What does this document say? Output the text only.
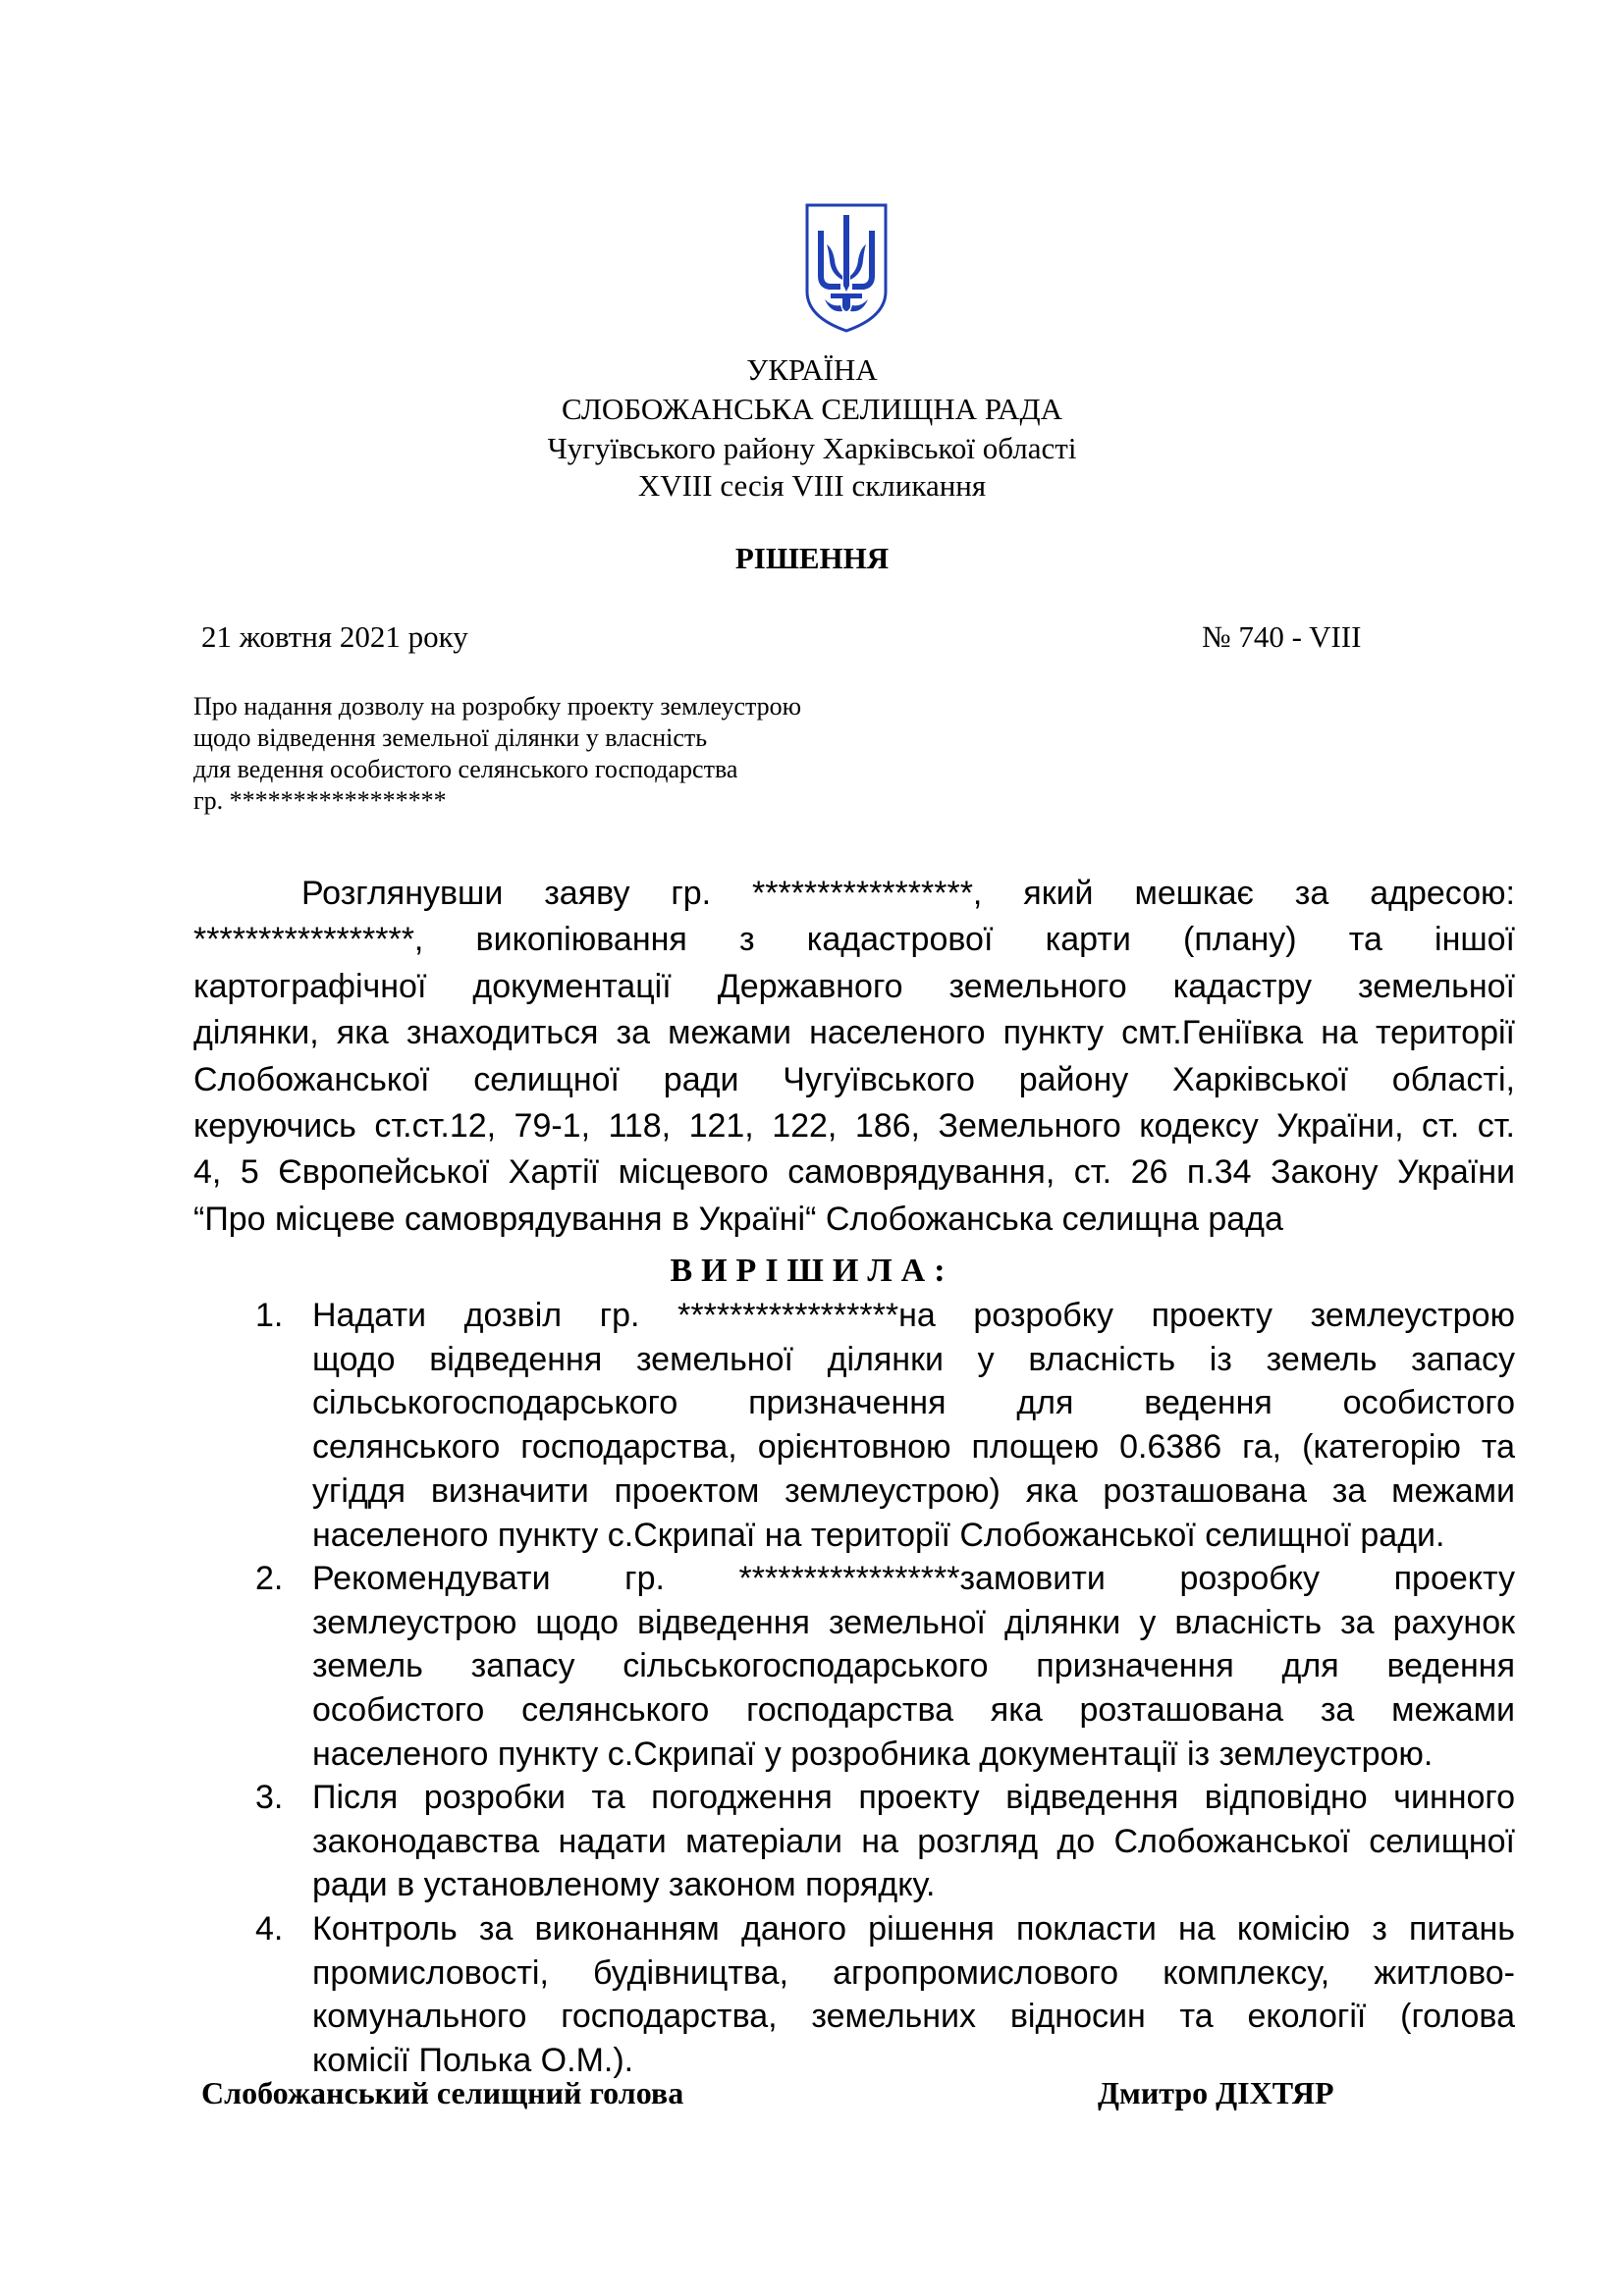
УКРАЇНА
СЛОБОЖАНСЬКА СЕЛИЩНА РАДА
Чугуївського району Харківської області
XVIII сесія VIII скликання
РІШЕННЯ
21 жовтня 2021 року	№ 740 - VIII
Про надання дозволу на розробку проекту землеустрою
щодо відведення земельної ділянки у власність
для ведення особистого селянського господарства
гр. *****************
Розглянувши заяву гр. *****************, який мешкає за адресою:
*****************, викопіювання з кадастрової карти (плану) та іншої
картографічної документації Державного земельного кадастру земельної
ділянки, яка знаходиться за межами населеного пункту смт.Геніївка на території
Слобожанської селищної ради Чугуївського району Харківської області,
керуючись ст.ст.12, 79-1, 118, 121, 122, 186, Земельного кодексу України, ст. ст.
4, 5 Європейської Хартії місцевого самоврядування, ст. 26 п.34 Закону України
“Про місцеве самоврядування в Україні“ Слобожанська селищна рада
ВИРІШИЛА:
1. Надати дозвіл гр. *****************на розробку проекту землеустрою
щодо відведення земельної ділянки у власність із земель запасу
сільськогосподарського призначення для ведення особистого
селянського господарства, орієнтовною площею 0.6386 га, (категорію та
угіддя визначити проектом землеустрою) яка розташована за межами
населеного пункту с.Скрипаї на території Слобожанської селищної ради.
2. Рекомендувати гр. *****************замовити розробку проекту
землеустрою щодо відведення земельної ділянки у власність за рахунок
земель запасу сільськогосподарського призначення для ведення
особистого селянського господарства яка розташована за межами
населеного пункту с.Скрипаї у розробника документації із землеустрою.
3. Після розробки та погодження проекту відведення відповідно чинного
законодавства надати матеріали на розгляд до Слобожанської селищної
ради в установленому законом порядку.
4. Контроль за виконанням даного рішення покласти на комісію з питань
промисловості, будівництва, агропромислового комплексу, житлово-
комунального господарства, земельних відносин та екології (голова
комісії Полька О.М.).
Слобожанський селищний голова	Дмитро ДІХТЯР
